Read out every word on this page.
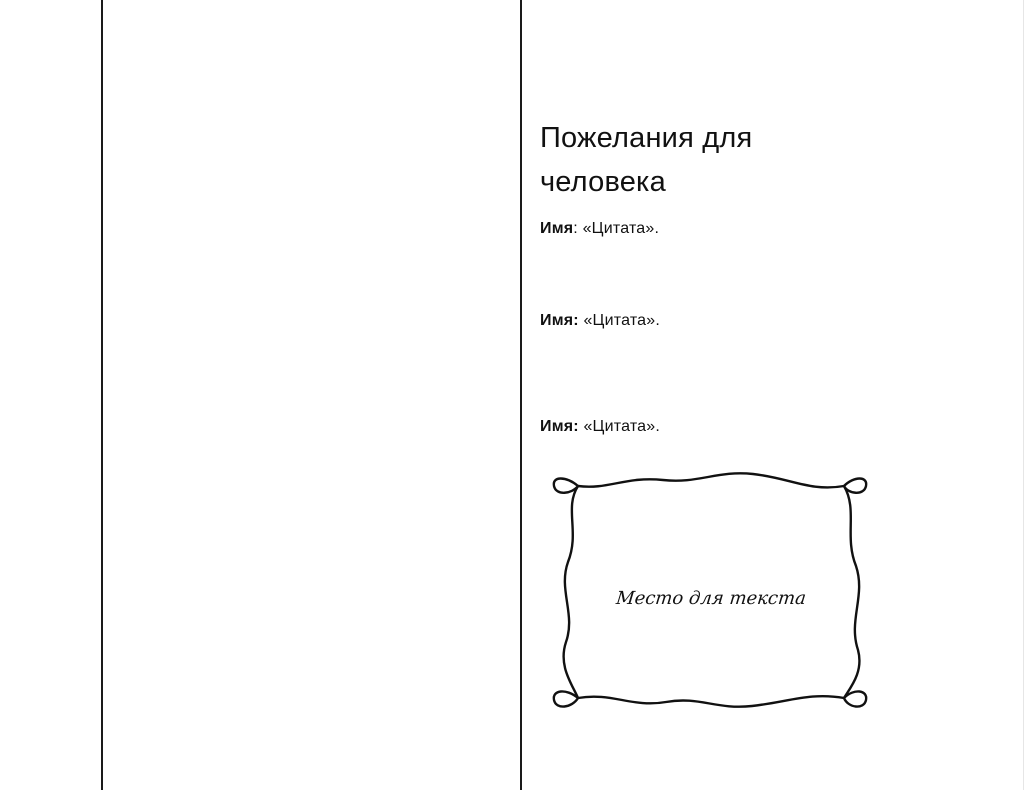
Пожелания для человека

Имя: «Цитата».

Имя: «Цитата».

Имя: «Цитата».

Место для текста
